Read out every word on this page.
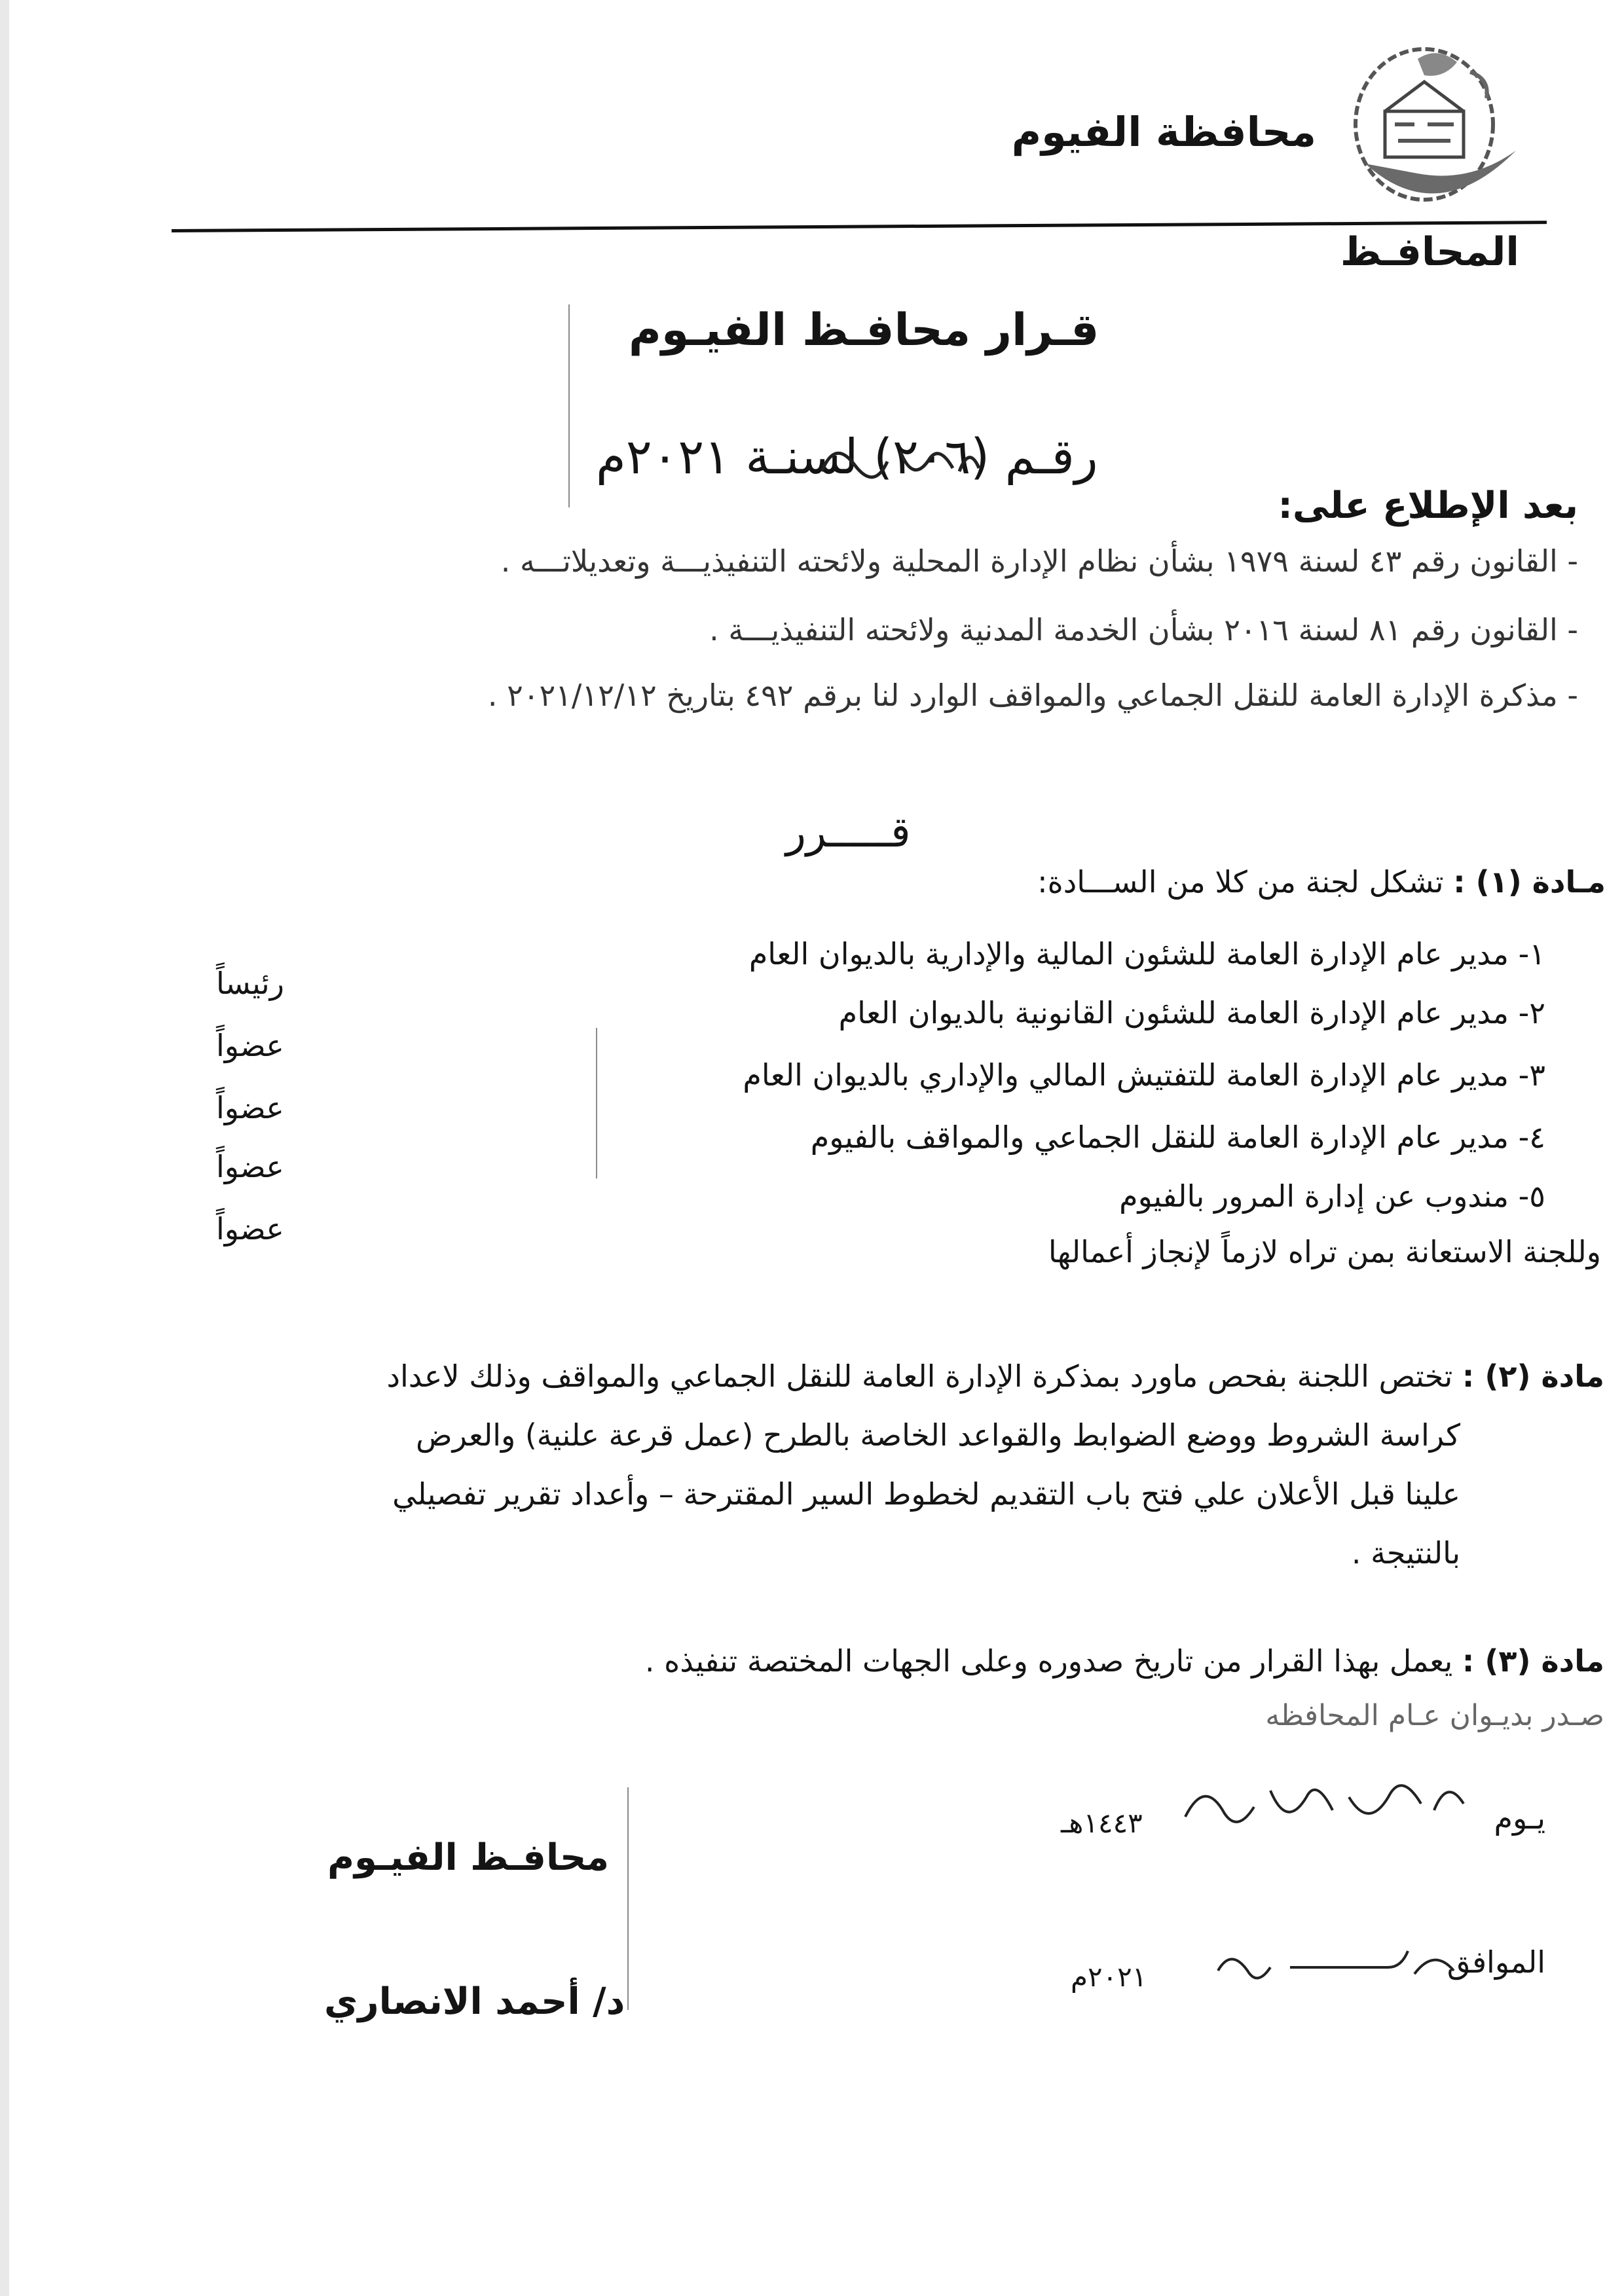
محافظة الفيوم
المحافـظ
قـرار محافـظ الفيـوم
رقـم (٢٠٦) لسنـة ٢٠٢١م
بعد الإطلاع على:
- القانون رقم ٤٣ لسنة ١٩٧٩ بشأن نظام الإدارة المحلية ولائحته التنفيذيـــة وتعديلاتـــه .
- القانون رقم ٨١ لسنة ٢٠١٦ بشأن الخدمة المدنية ولائحته التنفيذيـــة .
- مذكرة الإدارة العامة للنقل الجماعي والمواقف الوارد لنا برقم ٤٩٢ بتاريخ ٢٠٢١/١٢/١٢ .
قـــــرر
مـادة (١) : تشكل لجنة من كلا من الســـادة:
١- مدير عام الإدارة العامة للشئون المالية والإدارية بالديوان العام
رئيساً
٢- مدير عام الإدارة العامة للشئون القانونية بالديوان العام
عضواً
٣- مدير عام الإدارة العامة للتفتيش المالي والإداري بالديوان العام
عضواً
٤- مدير عام الإدارة العامة للنقل الجماعي والمواقف بالفيوم
عضواً
٥- مندوب عن إدارة المرور بالفيوم
عضواً
وللجنة الاستعانة بمن تراه لازماً لإنجاز أعمالها
مادة (٢) : تختص اللجنة بفحص ماورد بمذكرة الإدارة العامة للنقل الجماعي والمواقف وذلك لاعداد
كراسة الشروط ووضع الضوابط والقواعد الخاصة بالطرح (عمل قرعة علنية) والعرض
علينا قبل الأعلان علي فتح باب التقديم لخطوط السير المقترحة – وأعداد تقرير تفصيلي
بالنتيجة .
مادة (٣) : يعمل بهذا القرار من تاريخ صدوره وعلى الجهات المختصة تنفيذه .
صـدر بديـوان عـام المحافظه
يـوم
١٤٤٣هـ
الموافق
٢٠٢١م
محافـظ الفيـوم
د/ أحمد الانصاري
